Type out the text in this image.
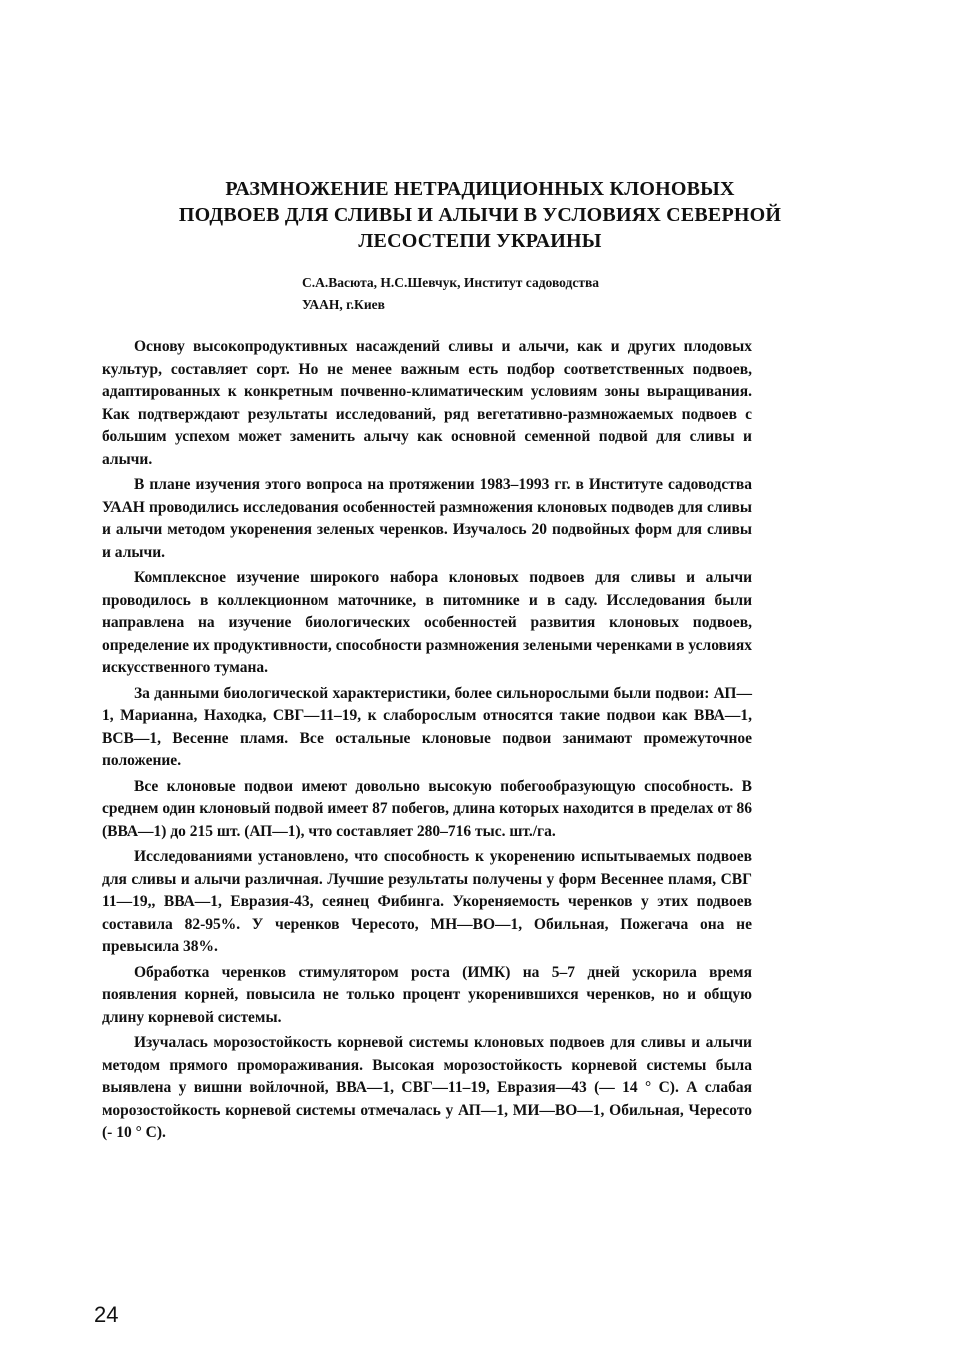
РАЗМНОЖЕНИЕ НЕТРАДИЦИОННЫХ КЛОНОВЫХ
ПОДВОЕВ ДЛЯ СЛИВЫ И АЛЫЧИ В УСЛОВИЯХ СЕВЕРНОЙ
ЛЕСОСТЕПИ УКРАИНЫ
С.А.Васюта, Н.С.Шевчук, Институт садоводства
УААН, г.Киев

Основу высокопродуктивных насаждений сливы и алычи, как и других плодовых культур, составляет сорт. Но не менее важным есть подбор соответственных подвоев, адаптированных к конкретным почвенно-климатическим условиям зоны выращивания. Как подтверждают результаты исследований, ряд вегетативно-размножаемых подвоев с большим успехом может заменить алычу как основной семенной подвой для сливы и алычи.

В плане изучения этого вопроса на протяжении 1983–1993 гг. в Институте садоводства УААН проводились исследования особенностей размножения клоновых подводев для сливы и алычи методом укоренения зеленых черенков. Изучалось 20 подвойных форм для сливы и алычи.

Комплексное изучение широкого набора клоновых подвоев для сливы и алычи проводилось в коллекционном маточнике, в питомнике и в саду. Исследования были направлена на изучение биологических особенностей развития клоновых подвоев, определение их продуктивности, способности размножения зелеными черенками в условиях искусственного тумана.

За данными биологической характеристики, более сильнорослыми были подвои: АП—1, Марианна, Находка, СВГ—11–19, к слаборослым относятся такие подвои как ВВА—1, ВСВ—1, Весенне пламя. Все остальные клоновые подвои занимают промежуточное положение.

Все клоновые подвои имеют довольно высокую побегообразующую способность. В среднем один клоновый подвой имеет 87 побегов, длина которых находится в пределах от 86 (ВВА—1) до 215 шт. (АП—1), что составляет 280–716 тыс. шт./га.

Исследованиями установлено, что способность к укоренению испытываемых подвоев для сливы и алычи различная. Лучшие результаты получены у форм Весеннее пламя, СВГ 11—19,, ВВА—1, Евразия-43, сеянец Фибинга. Укореняемость черенков у этих подвоев составила 82-95%. У черенков Чересото, МН—ВО—1, Обильная, Пожегача она не превысила 38%.

Обработка черенков стимулятором роста (ИМК) на 5–7 дней ускорила время появления корней, повысила не только процент укоренившихся черенков, но и общую длину корневой системы.

Изучалась морозостойкость корневой системы клоновых подвоев для сливы и алычи методом прямого промораживания. Высокая морозостойкость корневой системы была выявлена у вишни войлочной, ВВА—1, СВГ—11–19, Евразия—43 (— 14 ° С). А слабая морозостойкость корневой системы отмечалась у АП—1, МИ—ВО—1, Обильная, Чересото (- 10 ° С).

24
